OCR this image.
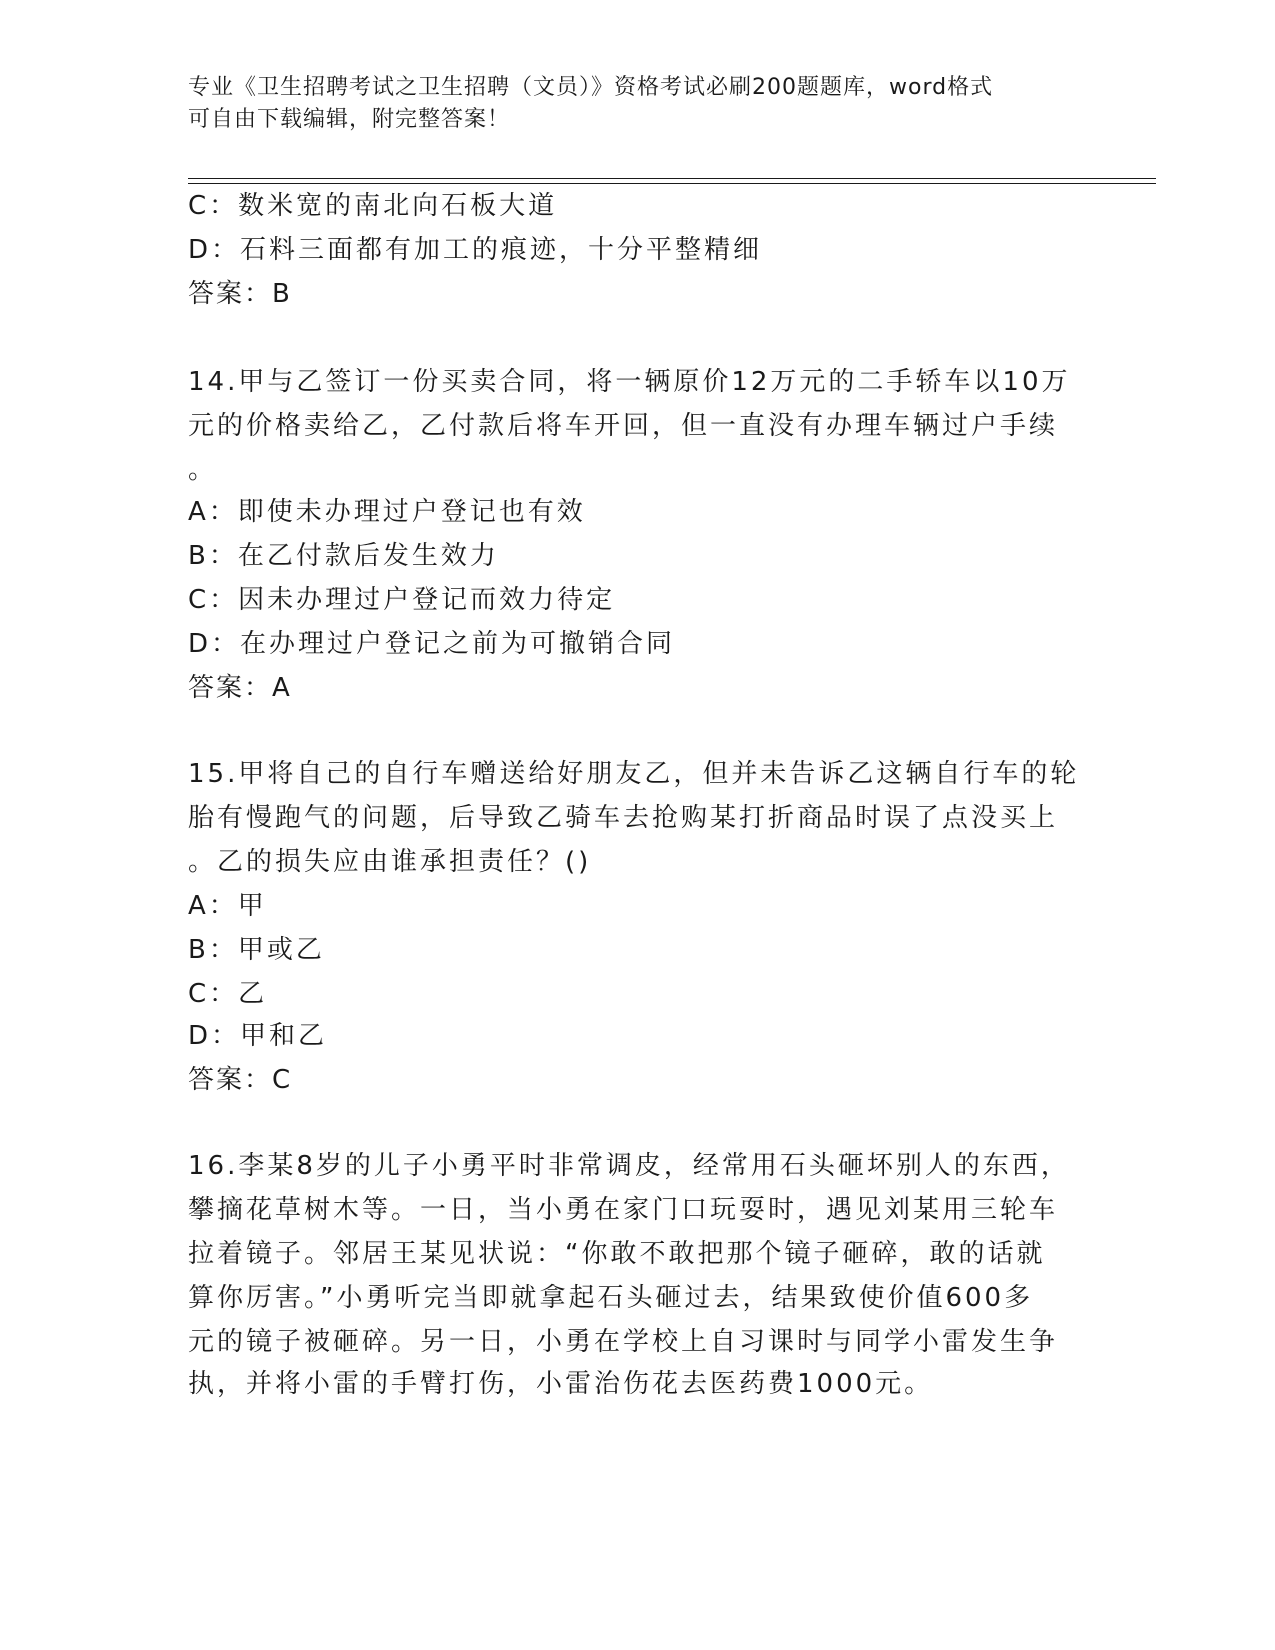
专业《卫生招聘考试之卫生招聘（文员）》资格考试必刷200题题库，word格式
可自由下载编辑，附完整答案！
C：数米宽的南北向石板大道
D：石料三面都有加工的痕迹，十分平整精细
答案：B
14.甲与乙签订一份买卖合同，将一辆原价12万元的二手轿车以10万
元的价格卖给乙，乙付款后将车开回，但一直没有办理车辆过户手续
。
A：即使未办理过户登记也有效
B：在乙付款后发生效力
C：因未办理过户登记而效力待定
D：在办理过户登记之前为可撤销合同
答案：A
15.甲将自己的自行车赠送给好朋友乙，但并未告诉乙这辆自行车的轮
胎有慢跑气的问题，后导致乙骑车去抢购某打折商品时误了点没买上
。乙的损失应由谁承担责任？()
A：甲
B：甲或乙
C：乙
D：甲和乙
答案：C
16.李某8岁的儿子小勇平时非常调皮，经常用石头砸坏别人的东西，
攀摘花草树木等。一日，当小勇在家门口玩耍时，遇见刘某用三轮车
拉着镜子。邻居王某见状说：“你敢不敢把那个镜子砸碎，敢的话就
算你厉害。”小勇听完当即就拿起石头砸过去，结果致使价值600多
元的镜子被砸碎。另一日，小勇在学校上自习课时与同学小雷发生争
执，并将小雷的手臂打伤，小雷治伤花去医药费1000元。
